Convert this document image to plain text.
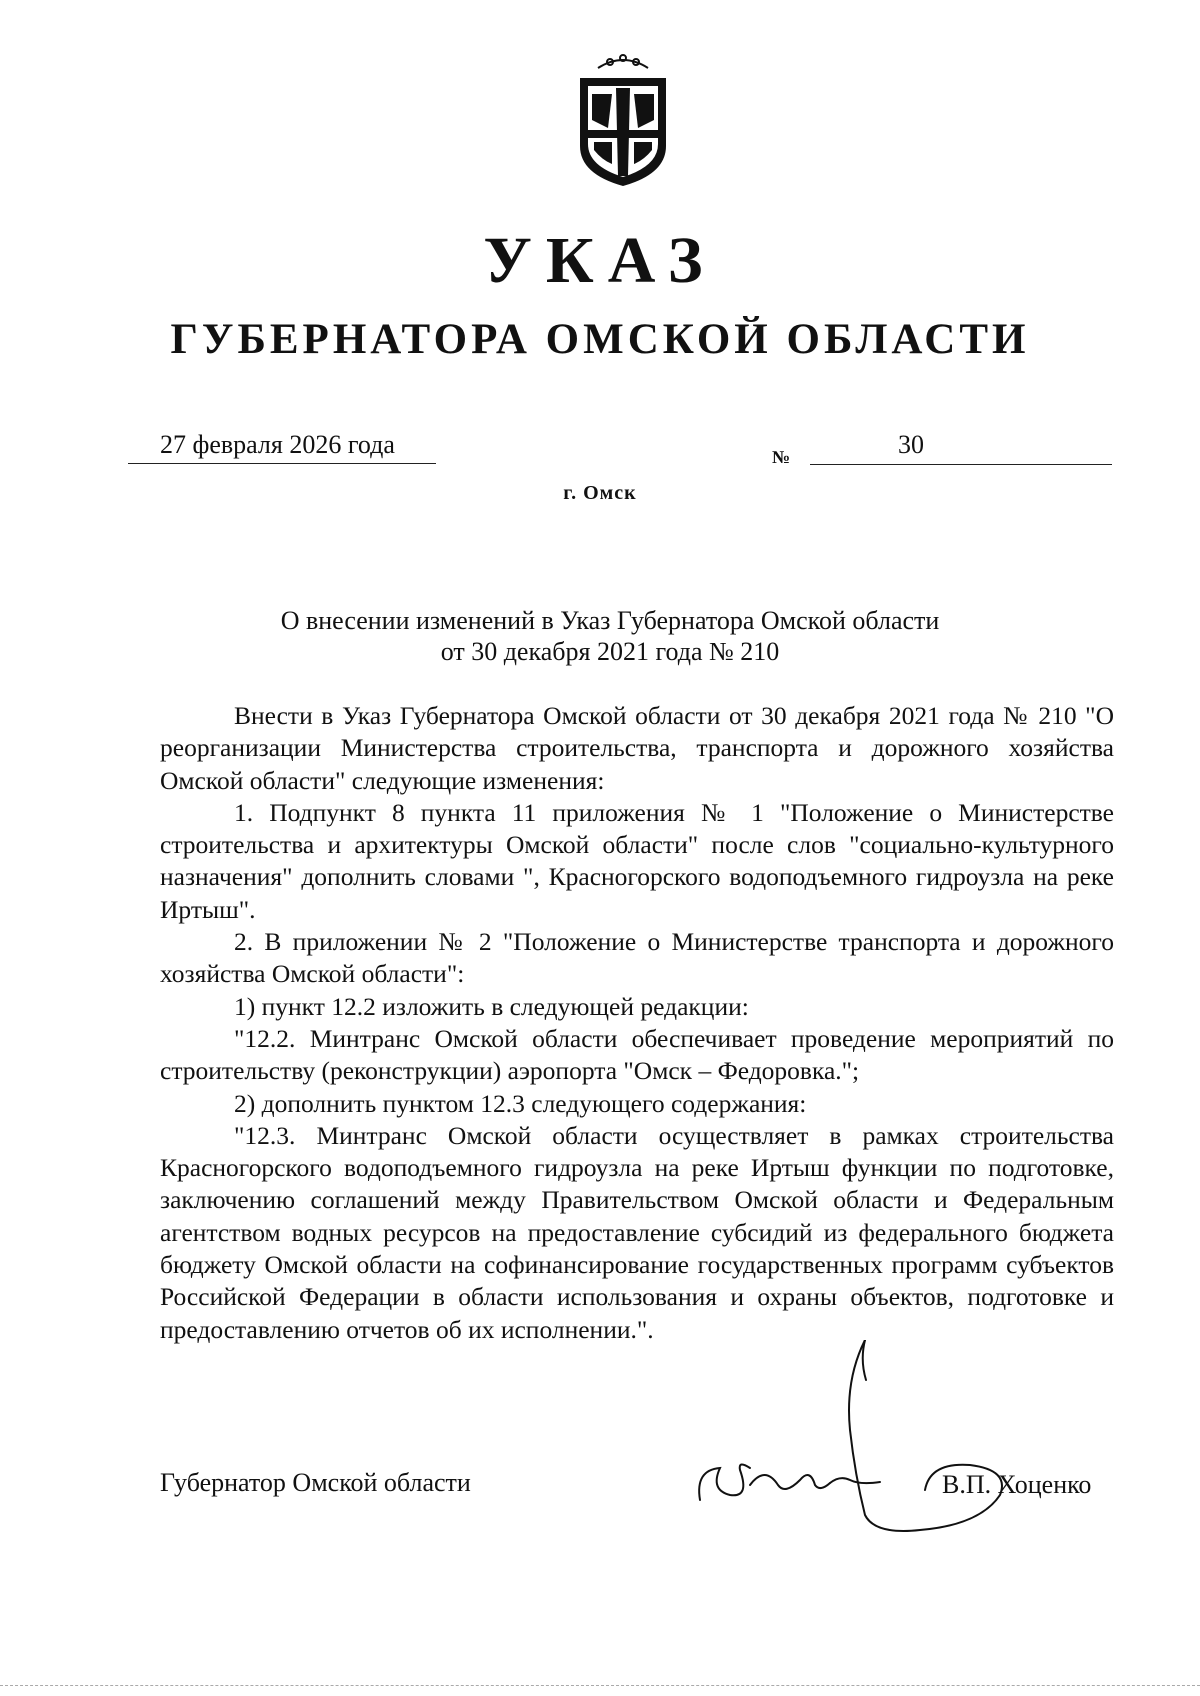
УКАЗ
ГУБЕРНАТОРА ОМСКОЙ ОБЛАСТИ
27 февраля 2026 года	№	30
г. Омск
О внесении изменений в Указ Губернатора Омской области
от 30 декабря 2021 года № 210

Внести в Указ Губернатора Омской области от 30 декабря 2021 года № 210 "О реорганизации Министерства строительства, транспорта и дорожного хозяйства Омской области" следующие изменения:

1. Подпункт 8 пункта 11 приложения № 1 "Положение о Министерстве строительства и архитектуры Омской области" после слов "социально-культурного назначения" дополнить словами ", Красногорского водоподъемного гидроузла на реке Иртыш".

2. В приложении № 2 "Положение о Министерстве транспорта и дорожного хозяйства Омской области":

1) пункт 12.2 изложить в следующей редакции:

"12.2. Минтранс Омской области обеспечивает проведение мероприятий по строительству (реконструкции) аэропорта "Омск – Федоровка.";

2) дополнить пунктом 12.3 следующего содержания:

"12.3. Минтранс Омской области осуществляет в рамках строительства Красногорского водоподъемного гидроузла на реке Иртыш функции по подготовке, заключению соглашений между Правительством Омской области и Федеральным агентством водных ресурсов на предоставление субсидий из федерального бюджета бюджету Омской области на софинансирование государственных программ субъектов Российской Федерации в области использования и охраны объектов, подготовке и предоставлению отчетов об их исполнении.".

Губернатор Омской области	В.П. Хоценко
